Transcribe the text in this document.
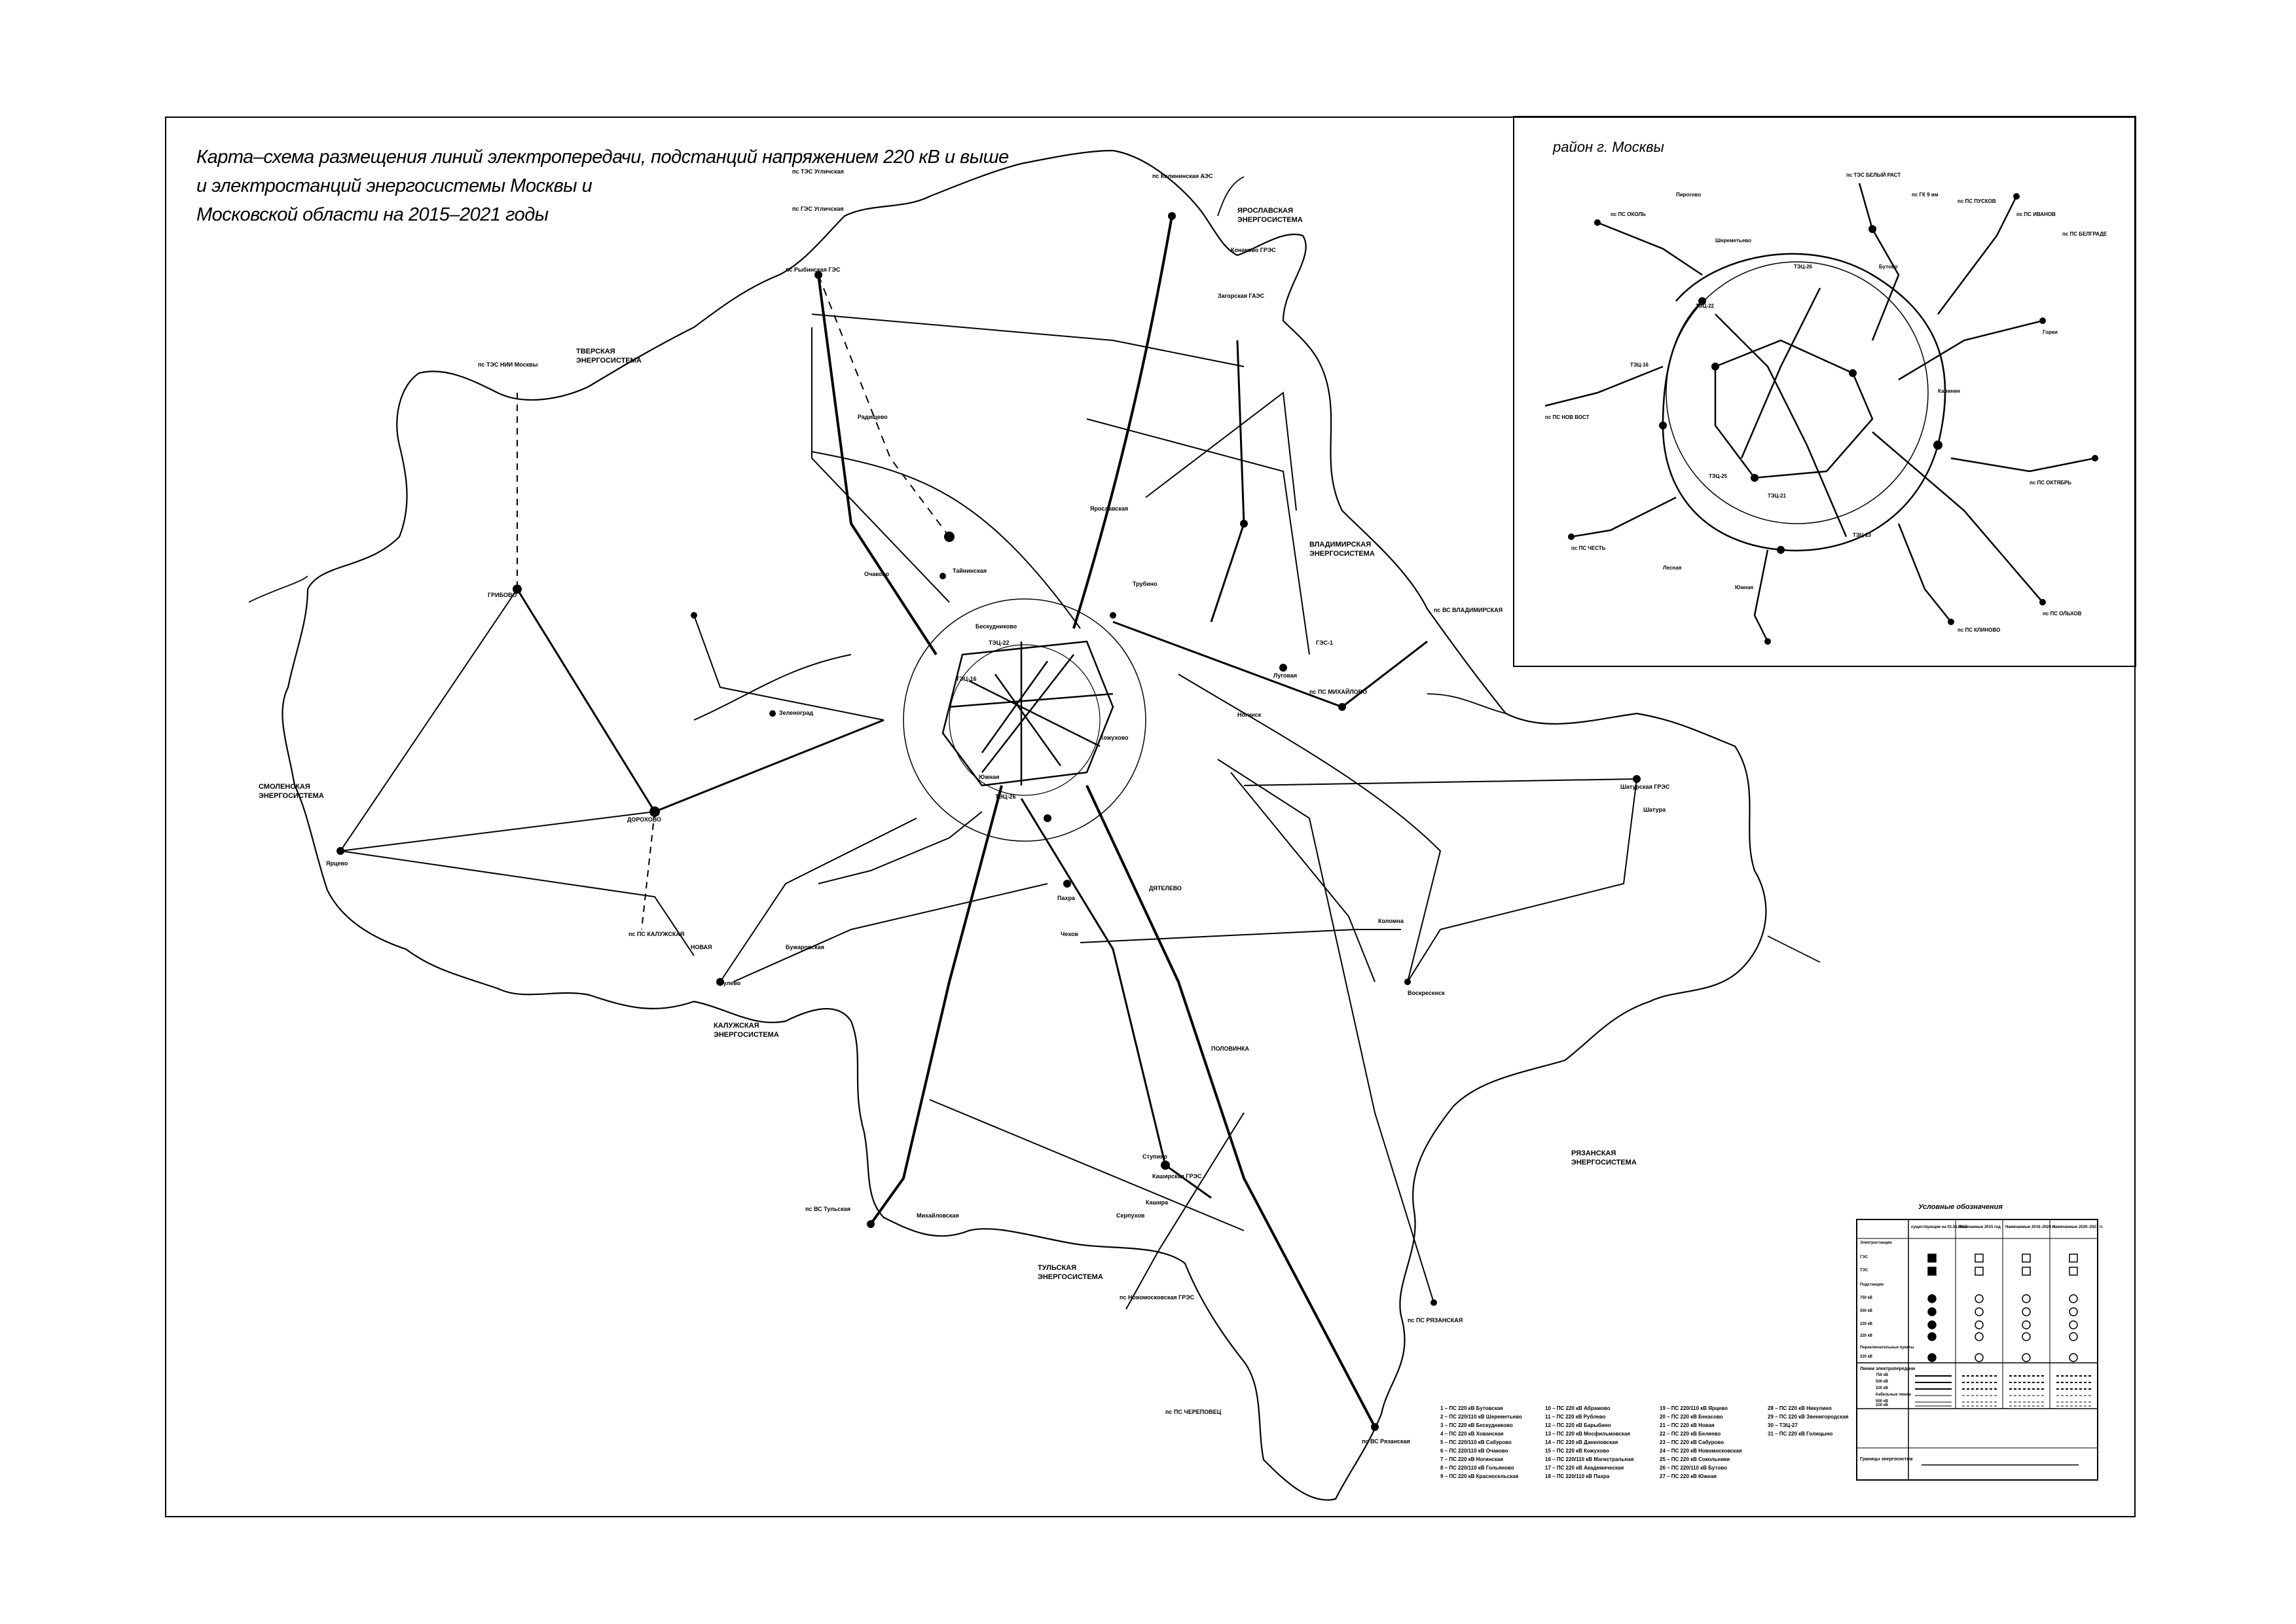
Карта–схема размещения линий электропередачи, подстанций напряжением 220 кВ и выше
и электростанций энергосистемы Москвы и
Московской области на 2015–2021 годы
ТВЕРСКАЯ ЭНЕРГОСИСТЕМА
ЯРОСЛАВСКАЯ ЭНЕРГОСИСТЕМА
ВЛАДИМИРСКАЯ ЭНЕРГОСИСТЕМА
СМОЛЕНСКАЯ ЭНЕРГОСИСТЕМА
КАЛУЖСКАЯ ЭНЕРГОСИСТЕМА
ТУЛЬСКАЯ ЭНЕРГОСИСТЕМА
РЯЗАНСКАЯ ЭНЕРГОСИСТЕМА
пс Калининская АЭС
Конаково ГРЭС
пс ГЭС Угличская
пс Рыбинская ГЭС
пс ТЭС НИИ Москвы
ГРИБОВО
ДОРОХОВО
Ярцево
Шатурская ГРЭС
Каширская ГРЭС
Михайловская
пс ВС Рязанская
Бужаровская
Загорская ГАЭС
Радищево
Очаково
Ногинск
Пахра
Гулево
Шатура
Зеленоград
Тайнинская
Кашира
Ступино
Трубино
Луговая
Ярославская
Чехов
Серпухов
Коломна
Воскресенск
пс ПС РЯЗАНСКАЯ
пс ВС Тульская
пс Новомосковская ГРЭС
пс ПС КАЛУЖСКАЯ
пс ПС ЧЕРЕПОВЕЦ
пс ПС МИХАЙЛОВО
пс ВС ВЛАДИМИРСКАЯ
пс ТЭС Угличская
ТЭЦ-22
ТЭЦ-26
ТЭЦ-16
ГЭС-1
ПОЛОВИНКА
ДЯТЕЛЕВО
НОВАЯ
Бескудниково
Южная
Кожухово
район г. Москвы
пс ТЭС БЕЛЫЙ РАСТ
пс ГК 9 им
пс ПС ПУСКОВ
пс ПС ИВАНОВ
пс ПС БЕЛГРАДЕ
пс ПС ОКОЛЬ
Пирогово
Шереметьево
Бутово
ТЭЦ-26
ТЭЦ-22
ТЭЦ-16
ТЭЦ-25
ТЭЦ-21
ТЭЦ-23
Лесная
Южная
пс ПС ОКТЯБРЬ
пс ПС КЛИНОВО
пс ПС ОЛЬХОВ
пс ПС НОВ ВОСТ
пс ПС ЧЕСТЬ
Горки
Калинин
1 – ПС 220 кВ Бутовская
2 – ПС 220/110 кВ Шереметьево
3 – ПС 220 кВ Бескудниково
4 – ПС 220 кВ Хованская
5 – ПС 220/110 кВ Сабурово
6 – ПС 220/110 кВ Очаково
7 – ПС 220 кВ Ногинская
8 – ПС 220/110 кВ Гольяново
9 – ПС 220 кВ Красносельская
10 – ПС 220 кВ Абрамово
11 – ПС 220 кВ Рублево
12 – ПС 220 кВ Барыбино
13 – ПС 220 кВ Мосфильмовская
14 – ПС 220 кВ Даниловская
15 – ПС 220 кВ Кожухово
16 – ПС 220/110 кВ Магистральная
17 – ПС 220 кВ Академическая
18 – ПС 220/110 кВ Пахра
19 – ПС 220/110 кВ Ярцево
20 – ПС 220 кВ Бекасово
21 – ПС 220 кВ Новая
22 – ПС 220 кВ Беляево
23 – ПС 220 кВ Сабурово
24 – ПС 220 кВ Новомосковская
25 – ПС 220 кВ Сокольники
26 – ПС 220/110 кВ Бутово
27 – ПС 220 кВ Южная
28 – ПС 220 кВ Никулино
29 – ПС 220 кВ Звенигородская
30 – ТЭЦ-27
31 – ПС 220 кВ Голицыно
Условные обозначения
существующие на 01.01.2015
Намечаемые 2015 год Намечаемые 2016–2020 гг.
Намечаемые 2020–2021 гг.
Электростанции
ГЭС
ТЭС
Подстанции
750 кВ
500 кВ
220 кВ
220 кВ
Переключательные пункты
220 кВ
Линии электропередачи
750 кВ
500 кВ
220 кВ
Кабельные линии
500 кВ
220 кВ
Границы энергосистем
